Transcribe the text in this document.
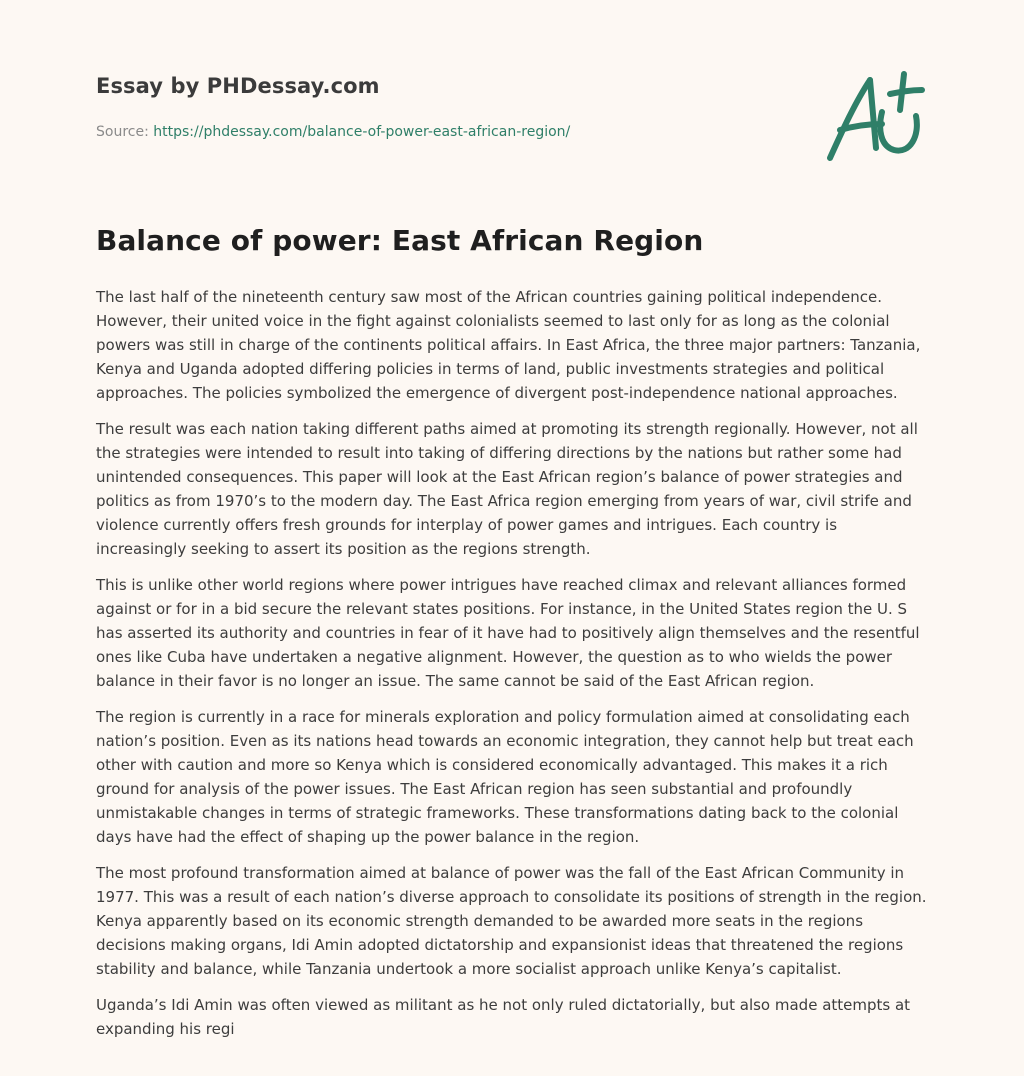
Essay by PHDessay.com
Source: https://phdessay.com/balance-of-power-east-african-region/
Balance of power: East African Region

The last half of the nineteenth century saw most of the African countries gaining political independence. However, their united voice in the fight against colonialists seemed to last only for as long as the colonial powers was still in charge of the continents political affairs. In East Africa, the three major partners: Tanzania, Kenya and Uganda adopted differing policies in terms of land, public investments strategies and political approaches. The policies symbolized the emergence of divergent post-independence national approaches.

The result was each nation taking different paths aimed at promoting its strength regionally. However, not all the strategies were intended to result into taking of differing directions by the nations but rather some had unintended consequences. This paper will look at the East African region’s balance of power strategies and politics as from 1970’s to the modern day. The East Africa region emerging from years of war, civil strife and violence currently offers fresh grounds for interplay of power games and intrigues. Each country is increasingly seeking to assert its position as the regions strength.

This is unlike other world regions where power intrigues have reached climax and relevant alliances formed against or for in a bid secure the relevant states positions. For instance, in the United States region the U. S has asserted its authority and countries in fear of it have had to positively align themselves and the resentful ones like Cuba have undertaken a negative alignment. However, the question as to who wields the power balance in their favor is no longer an issue. The same cannot be said of the East African region.

The region is currently in a race for minerals exploration and policy formulation aimed at consolidating each nation’s position. Even as its nations head towards an economic integration, they cannot help but treat each other with caution and more so Kenya which is considered economically advantaged. This makes it a rich ground for analysis of the power issues. The East African region has seen substantial and profoundly unmistakable changes in terms of strategic frameworks. These transformations dating back to the colonial days have had the effect of shaping up the power balance in the region.

The most profound transformation aimed at balance of power was the fall of the East African Community in 1977. This was a result of each nation’s diverse approach to consolidate its positions of strength in the region. Kenya apparently based on its economic strength demanded to be awarded more seats in the regions decisions making organs, Idi Amin adopted dictatorship and expansionist ideas that threatened the regions stability and balance, while Tanzania undertook a more socialist approach unlike Kenya’s capitalist.

Uganda’s Idi Amin was often viewed as militant as he not only ruled dictatorially, but also made attempts at expanding his regi
